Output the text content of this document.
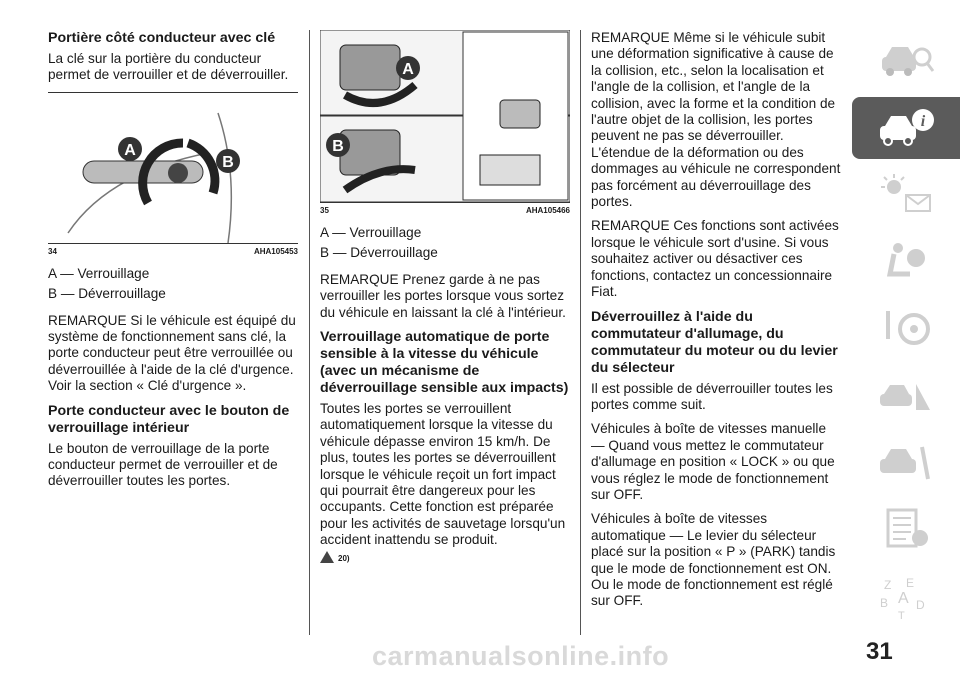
Portière côté conducteur avec clé

La clé sur la portière du conducteur permet de verrouiller et de déverrouiller.

A
B
34	AHA105453

A — Verrouillage

B — Déverrouillage

REMARQUE Si le véhicule est équipé du système de fonctionnement sans clé, la porte conducteur peut être verrouillée ou déverrouillée à l'aide de la clé d'urgence. Voir la section « Clé d'urgence ».

Porte conducteur avec le bouton de verrouillage intérieur

Le bouton de verrouillage de la porte conducteur permet de verrouiller et de déverrouiller toutes les portes.

A
B
35	AHA105466

A — Verrouillage

B — Déverrouillage

REMARQUE Prenez garde à ne pas verrouiller les portes lorsque vous sortez du véhicule en laissant la clé à l'intérieur.

Verrouillage automatique de porte sensible à la vitesse du véhicule (avec un mécanisme de déverrouillage sensible aux impacts)

Toutes les portes se verrouillent automatiquement lorsque la vitesse du véhicule dépasse environ 15 km/h. De plus, toutes les portes se déverrouillent lorsque le véhicule reçoit un fort impact qui pourrait être dangereux pour les occupants. Cette fonction est préparée pour les activités de sauvetage lorsqu'un accident inattendu se produit.

20)

REMARQUE Même si le véhicule subit une déformation significative à cause de la collision, etc., selon la localisation et l'angle de la collision, et l'angle de la collision, avec la forme et la condition de l'autre objet de la collision, les portes peuvent ne pas se déverrouiller. L'étendue de la déformation ou des dommages au véhicule ne correspondent pas forcément au déverrouillage des portes.

REMARQUE Ces fonctions sont activées lorsque le véhicule sort d'usine. Si vous souhaitez activer ou désactiver ces fonctions, contactez un concessionnaire Fiat.

Déverrouillez à l'aide du commutateur d'allumage, du commutateur du moteur ou du levier du sélecteur

Il est possible de déverrouiller toutes les portes comme suit.

Véhicules à boîte de vitesses manuelle — Quand vous mettez le commutateur d'allumage en position « LOCK » ou que vous réglez le mode de fonctionnement sur OFF.

Véhicules à boîte de vitesses automatique — Le levier du sélecteur placé sur la position « P » (PARK) tandis que le mode de fonctionnement est ON. Ou le mode de fonctionnement est réglé sur OFF.

i
Z E
B A D
T
31
carmanualsonline.info
